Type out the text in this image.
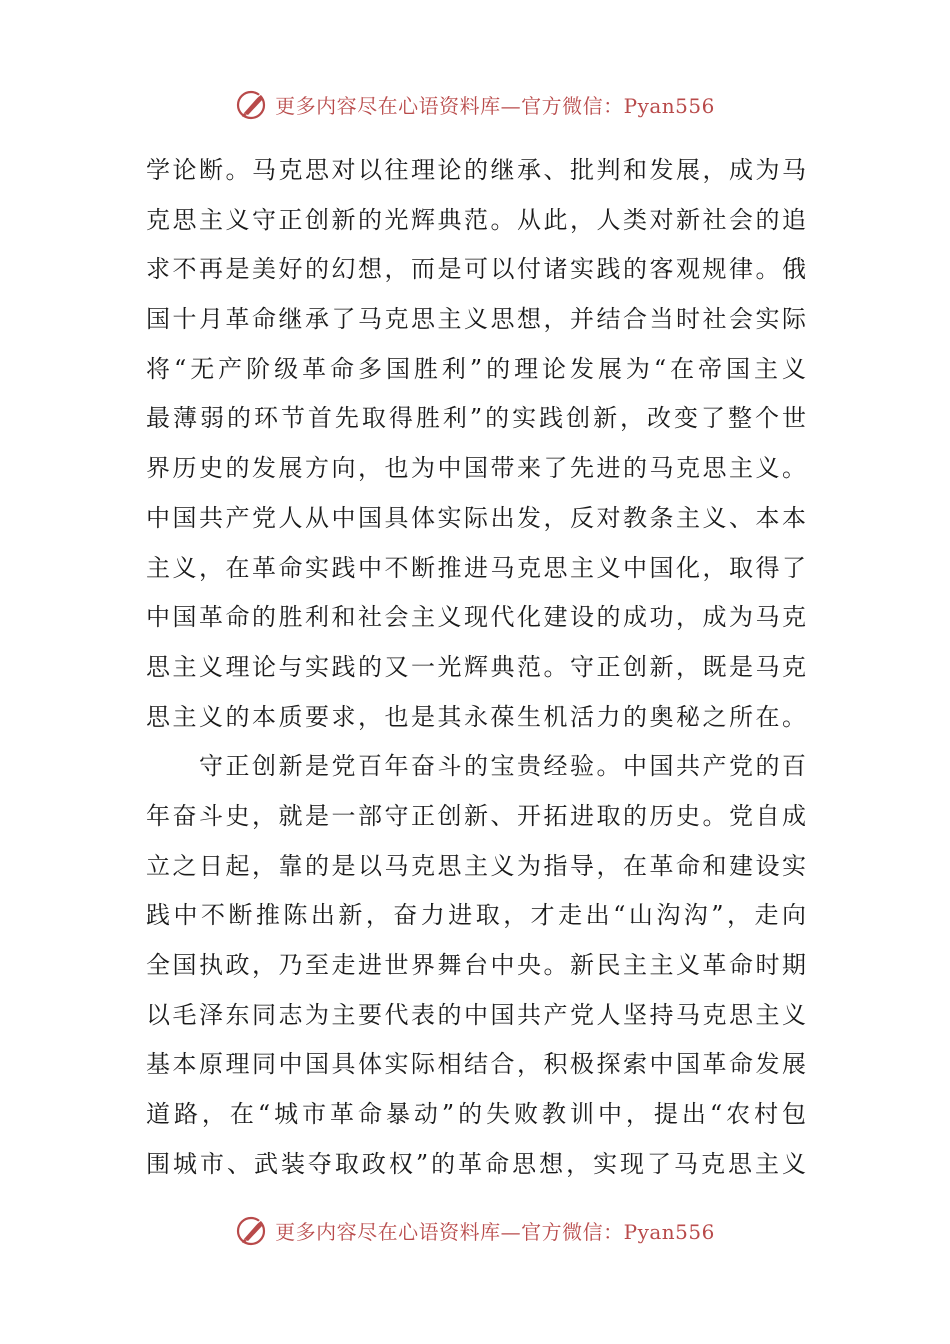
更多内容尽在心语资料库—官方微信：Pyan556
学论断。马克思对以往理论的继承、批判和发展，成为马
克思主义守正创新的光辉典范。从此，人类对新社会的追
求不再是美好的幻想，而是可以付诸实践的客观规律。俄
国十月革命继承了马克思主义思想，并结合当时社会实际
将“无产阶级革命多国胜利”的理论发展为“在帝国主义
最薄弱的环节首先取得胜利”的实践创新，改变了整个世
界历史的发展方向，也为中国带来了先进的马克思主义。
中国共产党人从中国具体实际出发，反对教条主义、本本
主义，在革命实践中不断推进马克思主义中国化，取得了
中国革命的胜利和社会主义现代化建设的成功，成为马克
思主义理论与实践的又一光辉典范。守正创新，既是马克
思主义的本质要求，也是其永葆生机活力的奥秘之所在。
　　守正创新是党百年奋斗的宝贵经验。中国共产党的百
年奋斗史，就是一部守正创新、开拓进取的历史。党自成
立之日起，靠的是以马克思主义为指导，在革命和建设实
践中不断推陈出新，奋力进取，才走出“山沟沟”，走向
全国执政，乃至走进世界舞台中央。新民主主义革命时期
以毛泽东同志为主要代表的中国共产党人坚持马克思主义
基本原理同中国具体实际相结合，积极探索中国革命发展
道路，在“城市革命暴动”的失败教训中，提出“农村包
围城市、武装夺取政权”的革命思想，实现了马克思主义
更多内容尽在心语资料库—官方微信：Pyan556
